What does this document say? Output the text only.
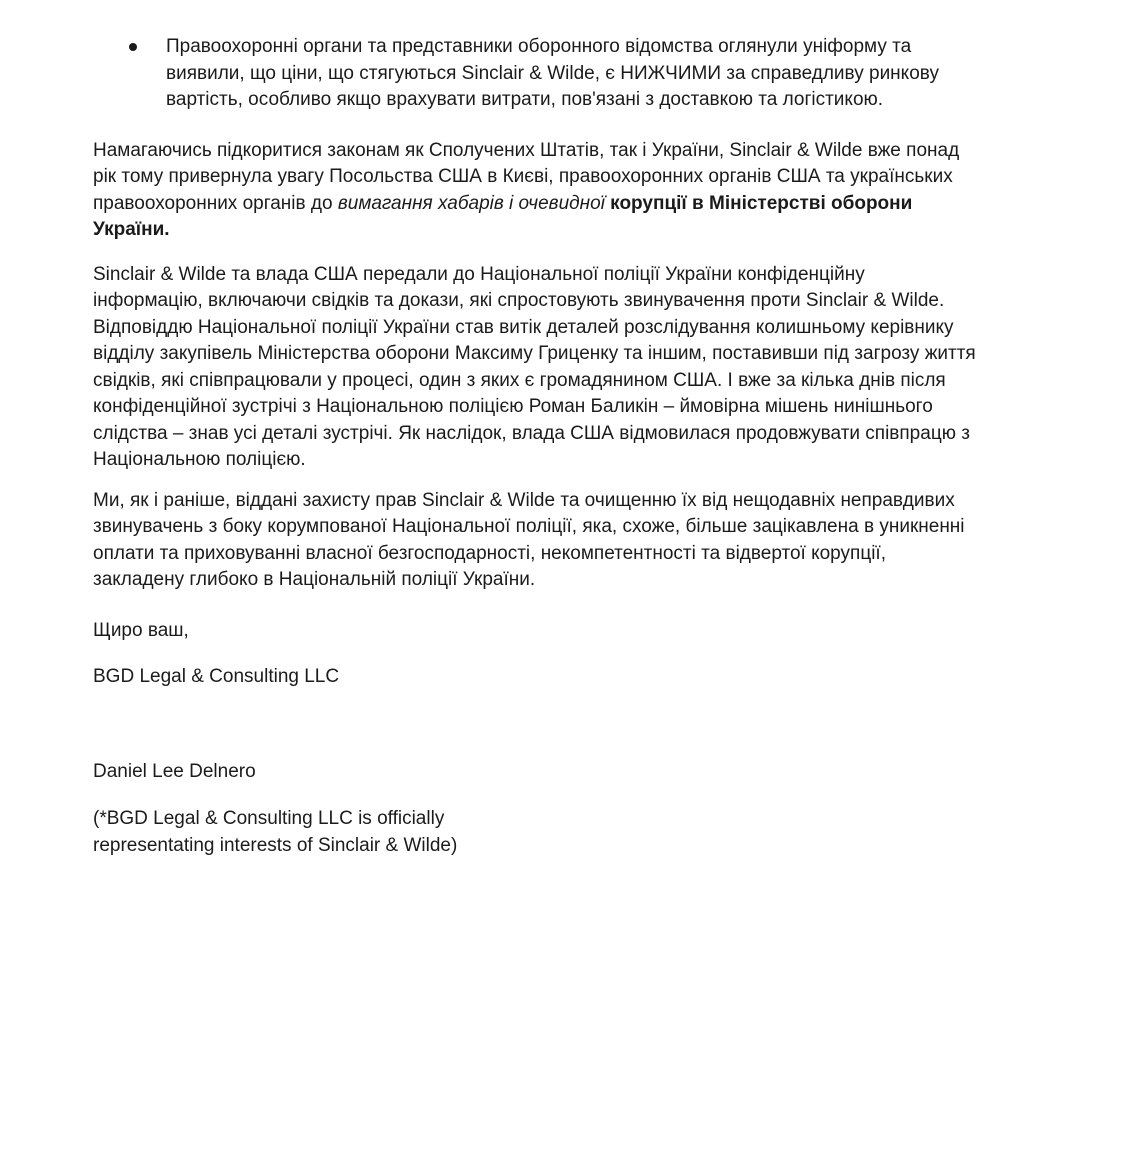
Правоохоронні органи та представники оборонного відомства оглянули уніформу та виявили, що ціни, що стягуються Sinclair & Wilde, є НИЖЧИМИ за справедливу ринкову вартість, особливо якщо врахувати витрати, пов'язані з доставкою та логістикою.

Намагаючись підкоритися законам як Сполучених Штатів, так і України, Sinclair & Wilde вже понад рік тому привернула увагу Посольства США в Києві, правоохоронних органів США та українських правоохоронних органів до вимагання хабарів і очевидної корупції в Міністерстві оборони України.

Sinclair & Wilde та влада США передали до Національної поліції України конфіденційну інформацію, включаючи свідків та докази, які спростовують звинувачення проти Sinclair & Wilde. Відповіддю Національної поліції України став витік деталей розслідування колишньому керівнику відділу закупівель Міністерства оборони Максиму Гриценку та іншим, поставивши під загрозу життя свідків, які співпрацювали у процесі, один з яких є громадянином США. І вже за кілька днів після конфіденційної зустрічі з Національною поліцією Роман Баликін – ймовірна мішень нинішнього слідства – знав усі деталі зустрічі. Як наслідок, влада США відмовилася продовжувати співпрацю з Національною поліцією.

Ми, як і раніше, віддані захисту прав Sinclair & Wilde та очищенню їх від нещодавніх неправдивих звинувачень з боку корумпованої Національної поліції, яка, схоже, більше зацікавлена в уникненні оплати та приховуванні власної безгосподарності, некомпетентності та відвертої корупції, закладену глибоко в Національній поліції України.

Щиро ваш,

BGD Legal & Consulting LLC

Daniel Lee Delnero

(*BGD Legal & Consulting LLC is officially representating interests of Sinclair & Wilde)
